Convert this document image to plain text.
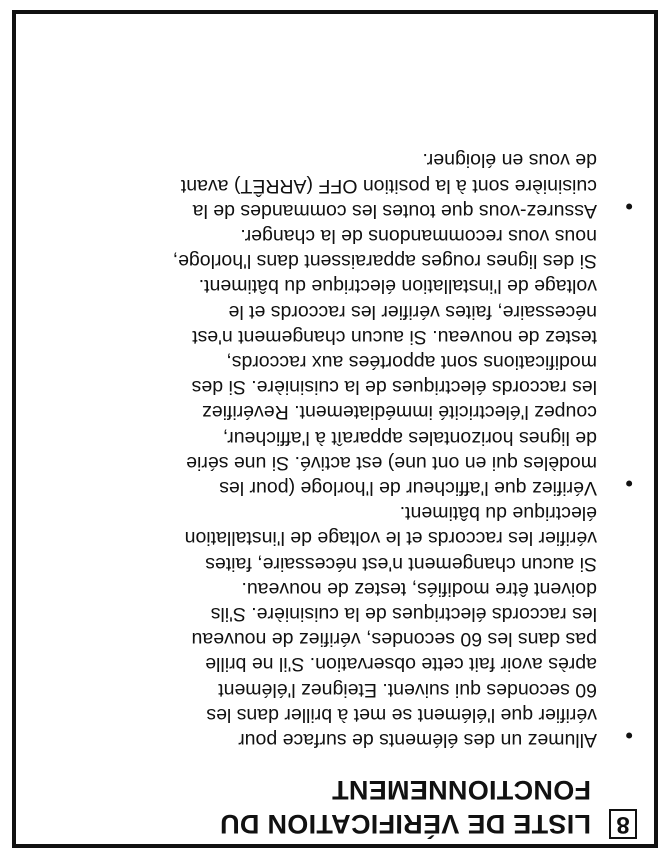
8
LISTE DE VÉRIFICATION DU
FONCTIONNEMENT
•

Allumez un des éléments de surface pour
vérifier que l'élément se met à briller dans les
60 secondes qui suivent. Eteignez l'élément
après avoir fait cette observation. S'il ne brille
pas dans les 60 secondes, vérifiez de nouveau
les raccords électriques de la cuisinière. S'ils
doivent être modifiés, testez de nouveau.
Si aucun changement n'est nécessaire, faites
vérifier les raccords et le voltage de l'installation
électrique du bâtiment.

•

Vérifiez que l'afficheur de l'horloge (pour les
modèles qui en ont une) est activé. Si une série
de lignes horizontales apparaît à l'afficheur,
coupez l'électricité immédiatement. Revérifiez
les raccords électriques de la cuisinière. Si des
modifications sont apportées aux raccords,
testez de nouveau. Si aucun changement n'est
nécessaire, faites vérifier les raccords et le
voltage de l'installation électrique du bâtiment.
Si des lignes rouges apparaissent dans l'horloge,
nous vous recommandons de la changer.

•

Assurez-vous que toutes les commandes de la
cuisinière sont à la position OFF (ARRÊT) avant
de vous en éloigner.
